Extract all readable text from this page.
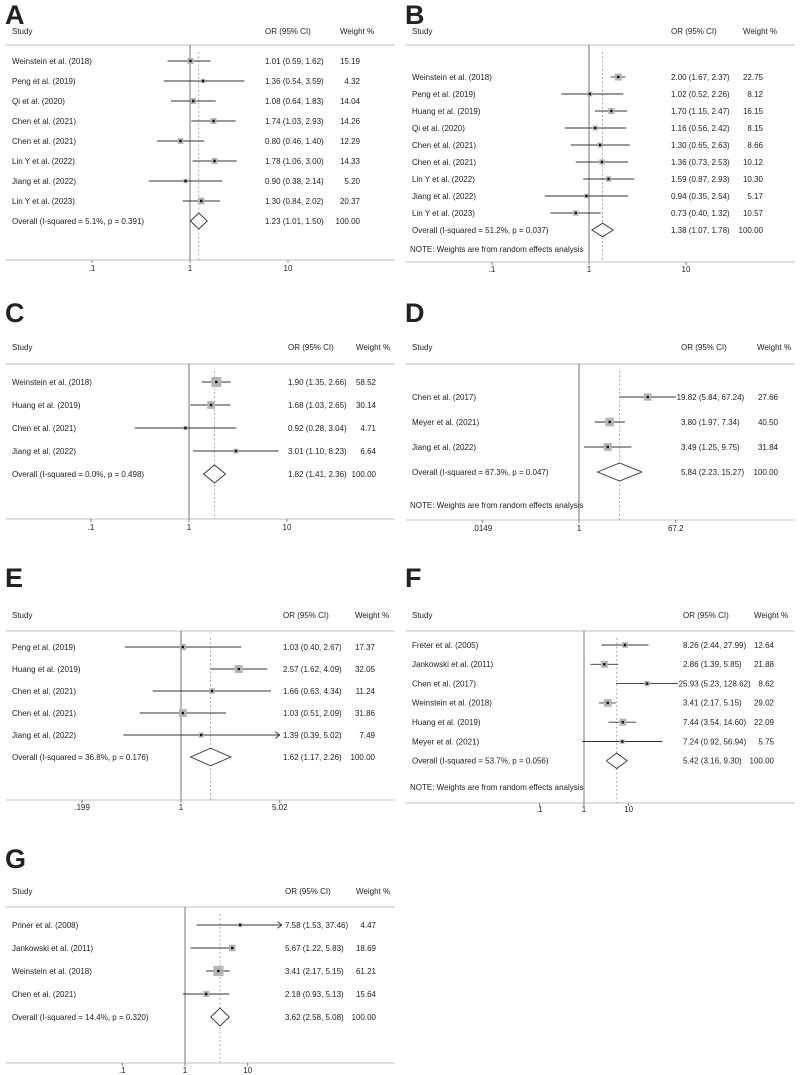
A
Study	OR (95% CI)	Weight %
Weinstein et al. (2018)	1.01 (0.59, 1.62) 15.19
Peng et al. (2019)	1.36 (0.54, 3.59)	4.32
Qi et al. (2020)	1.08 (0.64, 1.83) 14.04
Chen et al. (2021)	1.74 (1.03, 2.93) 14.26
Chen et al. (2021)	0.80 (0.46, 1.40) 12.29
Lin Y et al. (2022)	1.78 (1.06, 3.00) 14.33
Jiang et al. (2022)	0.90 (0.38, 2.14)	5.20
Lin Y et al. (2023)	1.30 (0.84, 2.02) 20.37
Overall (I-squared = 5.1%, p = 0.391)	1.23 (1.01, 1.50) 100.00
.1	1	10
B
Study	OR (95% CI)	Weight %
Weinstein et al. (2018)	2.00 (1.67, 2.37) 22.75
Peng et al. (2019)	1.02 (0.52, 2.26) 8.12
Huang et al. (2019)	1.70 (1.15, 2.47) 16.15
Qi et al. (2020)	1.16 (0.56, 2.42) 8.15
Chen et al. (2021)	1.30 (0.65, 2.63) 8.66
Chen et al. (2021)	1.36 (0.73, 2.53) 10.12
Lin Y et al. (2022)	1.59 (0.87, 2.93) 10.30
Jiang et al. (2022)	0.94 (0.35, 2.54) 5.17
Lin Y et al. (2023)	0.73 (0.40, 1.32) 10.57
Overall (I-squared = 51.2%, p = 0.037)	1.38 (1.07, 1.78) 100.00
NOTE: Weights are from random effects analysis
.1	1	10
C
Study	OR (95% CI)	Weight %
Weinstein et al. (2018)	1.90 (1.35, 2.66) 58.52
Huang et al. (2019)	1.68 (1.03, 2.65) 30.14
Chen et al. (2021)	0.92 (0.28, 3.04) 4.71
Jiang et al. (2022)	3.01 (1.10, 8.23) 6.64
Overall (I-squared = 0.0%, p = 0.498)	1.82 (1.41, 2.36) 100.00
.1	1	10
D
Study	OR (95% CI)	Weight %
Chen et al. (2017)	19.82 (5.84, 67.24) 27.66
Meyer et al. (2021)	3.80 (1.97, 7.34) 40.50
Jiang et al. (2022)	3.49 (1.25, 9.75) 31.84
Overall (I-squared = 67.3%, p = 0.047)	5.84 (2.23, 15.27) 100.00
NOTE: Weights are from random effects analysis
.0149	1	67.2
E
Study	OR (95% CI)	Weight %
Peng et al. (2019)	1.03 (0.40, 2.67) 17.37
Huang et al. (2019)	2.57 (1.62, 4.09) 32.05
Chen et al. (2021)	1.66 (0.63, 4.34) 11.24
Chen et al. (2021)	1.03 (0.51, 2.09) 31.86
Jiang et al. (2022)	1.39 (0.39, 5.02) 7.49
Overall (I-squared = 36.8%, p = 0.176)	1.62 (1.17, 2.26) 100.00
.199	1	5.02
F
Study	OR (95% CI)	Weight %
Freter et al. (2005)	8.26 (2.44, 27.99) 12.64
Jankowski et al. (2011)	2.86 (1.39, 5.85) 21.88
Chen et al. (2017)	25.93 (5.23, 128.62) 8.62
Weinstein et al. (2018)	3.41 (2.17, 5.15) 29.02
Huang et al. (2019)	7.44 (3.54, 14.60) 22.09
Meyer et al. (2021)	7.24 (0.92, 56.94) 5.75
Overall (I-squared = 53.7%, p = 0.056)	5.42 (3.16, 9.30) 100.00
NOTE: Weights are from random effects analysis
.1	1	10
G
Study	OR (95% CI)	Weight %
Priner et al. (2008)	7.58 (1.53, 37.46) 4.47
Jankowski et al. (2011)	5.67 (1.22, 5.83) 18.69
Weinstein et al. (2018)	3.41 (2.17, 5.15) 61.21
Chen et al. (2021)	2.18 (0.93, 5.13) 15.64
Overall (I-squared = 14.4%, p = 0.320)	3.62 (2.58, 5.08) 100.00
.1	1	10
